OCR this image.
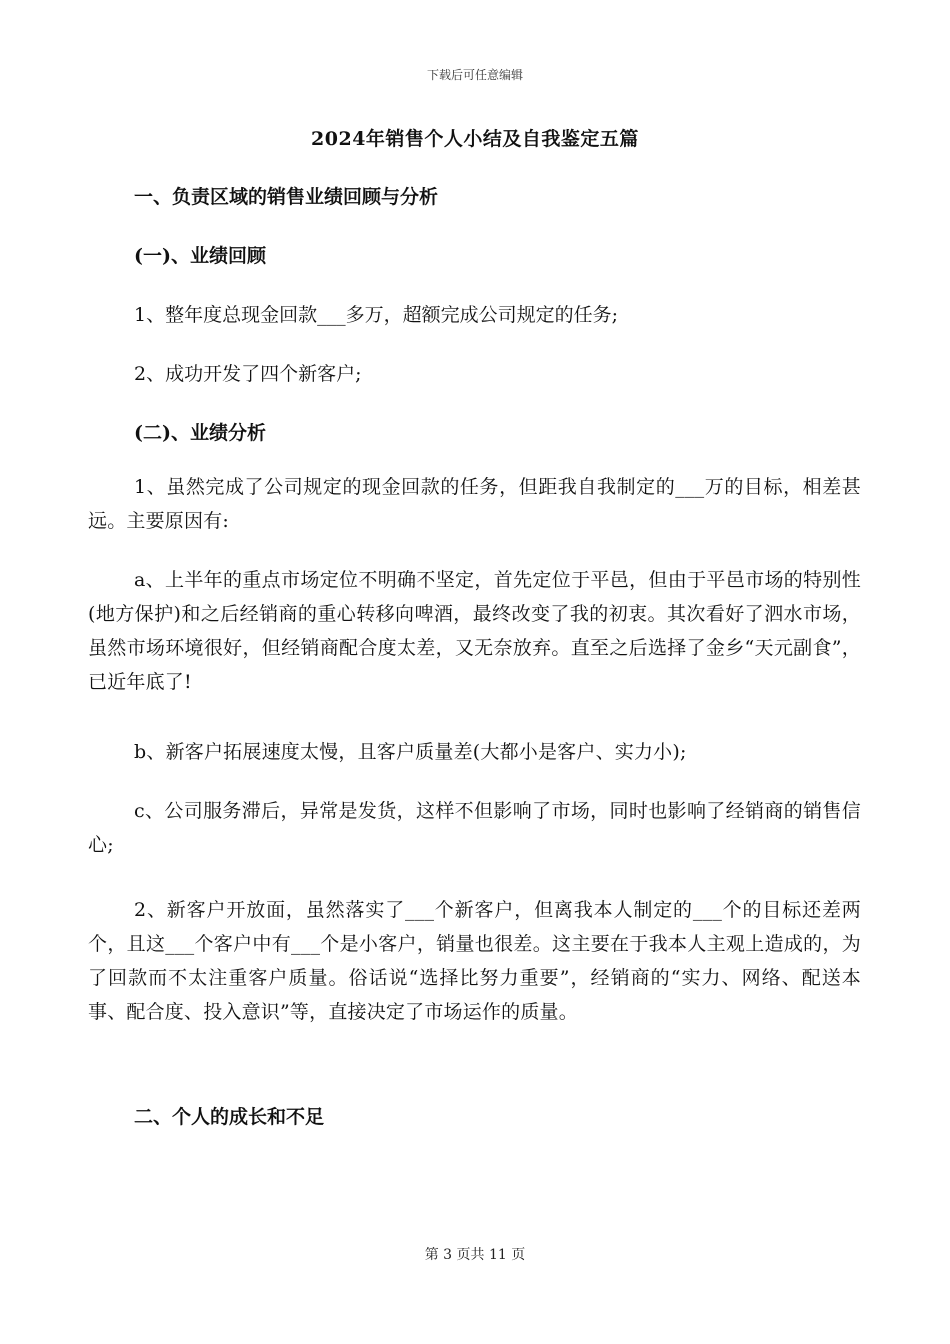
下载后可任意编辑
2024年销售个人小结及自我鉴定五篇
一、负责区域的销售业绩回顾与分析
(一)、业绩回顾
1、整年度总现金回款___多万，超额完成公司规定的任务;
2、成功开发了四个新客户;
(二)、业绩分析
1、虽然完成了公司规定的现金回款的任务，但距我自我制定的___万的目标，相差甚远。主要原因有:
a、上半年的重点市场定位不明确不坚定，首先定位于平邑，但由于平邑市场的特别性(地方保护)和之后经销商的重心转移向啤酒，最终改变了我的初衷。其次看好了泗水市场，虽然市场环境很好，但经销商配合度太差，又无奈放弃。直至之后选择了金乡“天元副食”，已近年底了!
b、新客户拓展速度太慢，且客户质量差(大都小是客户、实力小);
c、公司服务滞后，异常是发货，这样不但影响了市场，同时也影响了经销商的销售信心;
2、新客户开放面，虽然落实了___个新客户，但离我本人制定的___个的目标还差两个，且这___个客户中有___个是小客户，销量也很差。这主要在于我本人主观上造成的，为了回款而不太注重客户质量。俗话说“选择比努力重要”，经销商的“实力、网络、配送本事、配合度、投入意识”等，直接决定了市场运作的质量。
二、个人的成长和不足
第 3 页共 11 页
